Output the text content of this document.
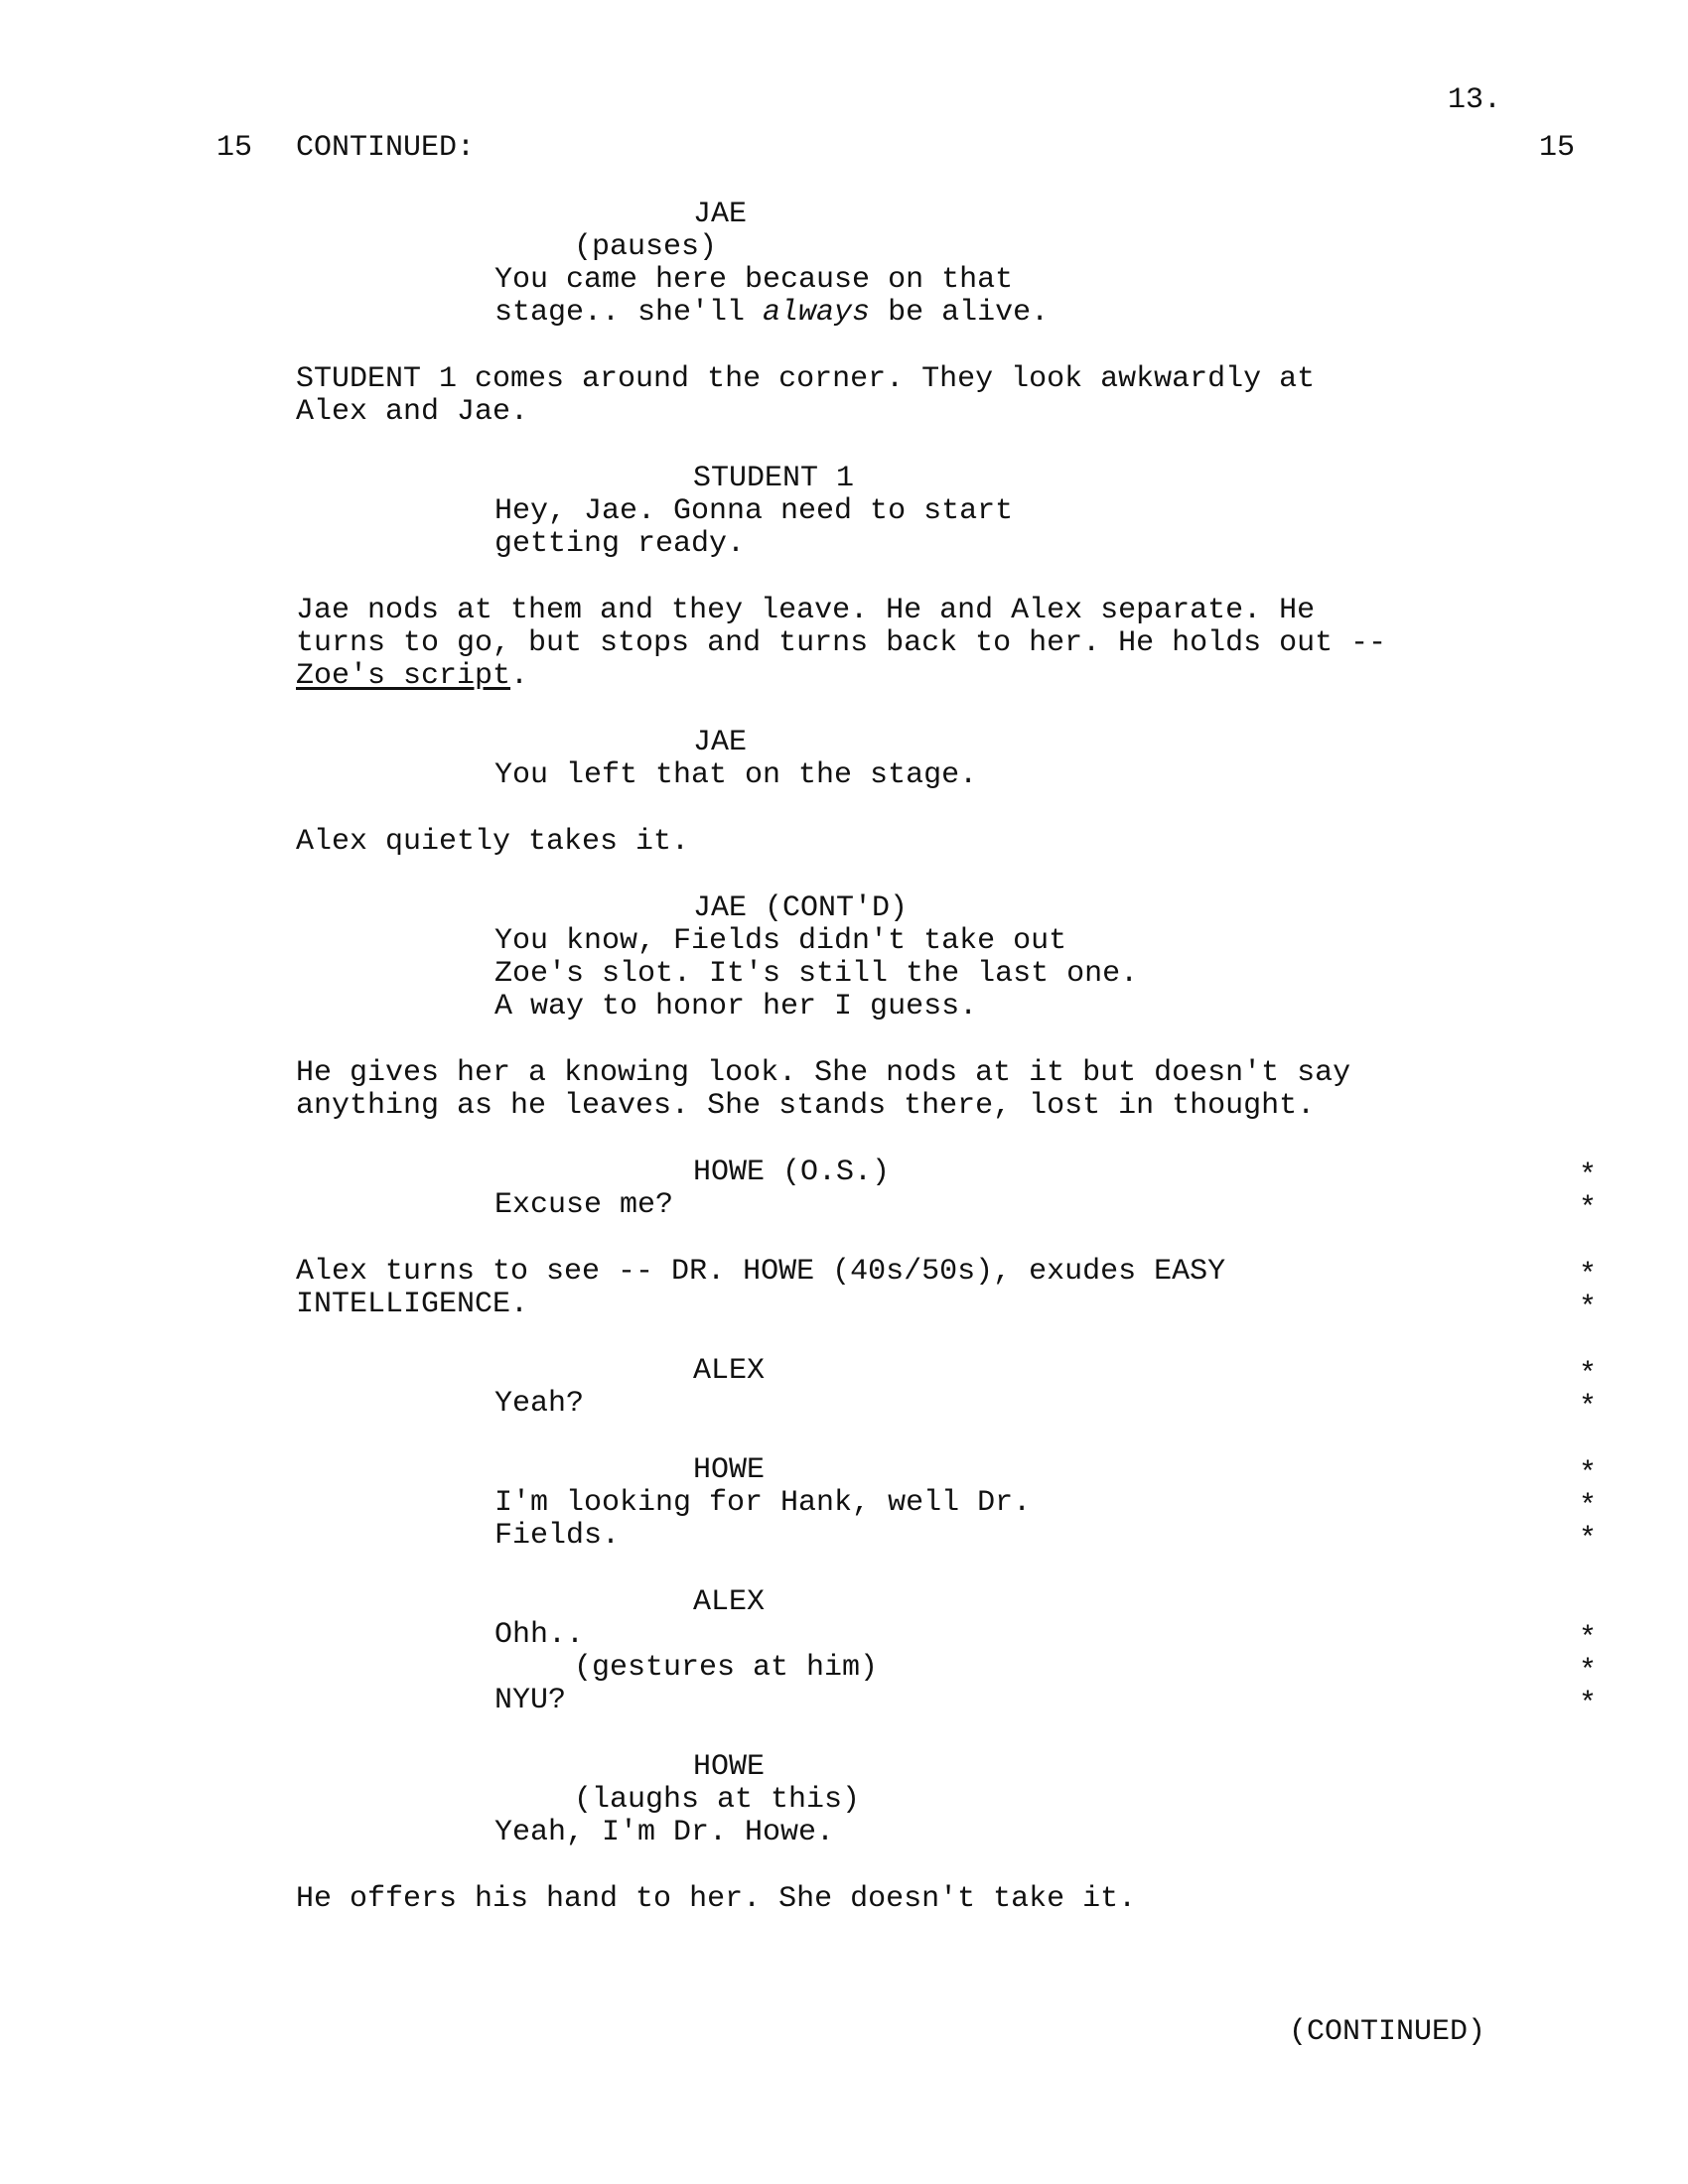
13.
15 CONTINUED:	15
JAE
(pauses)
You came here because on that
stage.. she'll always be alive.
STUDENT 1 comes around the corner. They look awkwardly at
Alex and Jae.
STUDENT 1
Hey, Jae. Gonna need to start
getting ready.
Jae nods at them and they leave. He and Alex separate. He
turns to go, but stops and turns back to her. He holds out --
Zoe's script.
JAE
You left that on the stage.
Alex quietly takes it.
JAE (CONT'D)
You know, Fields didn't take out
Zoe's slot. It's still the last one.
A way to honor her I guess.
He gives her a knowing look. She nods at it but doesn't say
anything as he leaves. She stands there, lost in thought.
HOWE (O.S.)
Excuse me?
Alex turns to see -- DR. HOWE (40s/50s), exudes EASY
INTELLIGENCE.
ALEX
Yeah?
HOWE
I'm looking for Hank, well Dr.
Fields.
ALEX
Ohh..
(gestures at him)
NYU?
HOWE
(laughs at this)
Yeah, I'm Dr. Howe.
He offers his hand to her. She doesn't take it.
*
*
*
*
*
*
*
*
*
*
*
*
(CONTINUED)
